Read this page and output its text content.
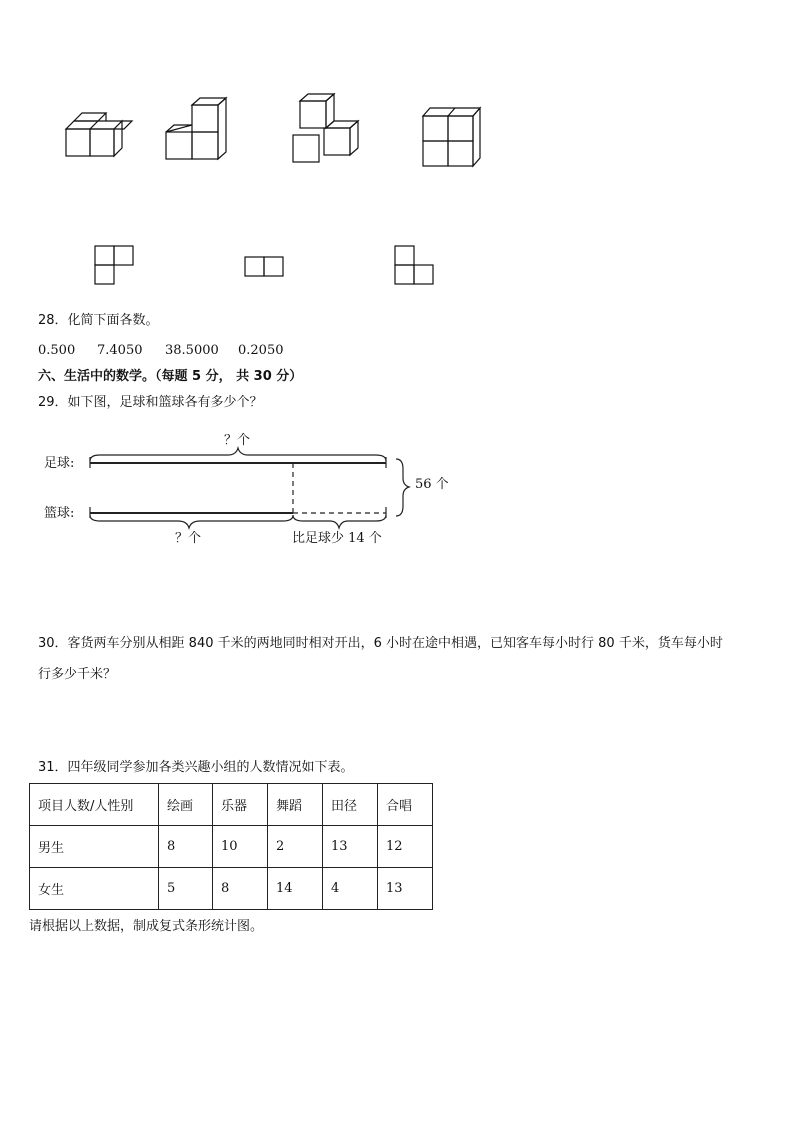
28．化简下面各数。
0.500 7.4050 38.5000 0.2050
六、生活中的数学。（每题 5 分， 共 30 分）
29．如下图，足球和篮球各有多少个？
足球:
篮球:
？个
？个
56 个
比足球少 14 个
30．客货两车分别从相距 840 千米的两地同时相对开出，6 小时在途中相遇，已知客车每小时行 80 千米，货车每小时
行多少千米？
31．四年级同学参加各类兴趣小组的人数情况如下表。
项目人数/人性别	绘画	乐器	舞蹈	田径	合唱
男生	8	10	2	13	12
女生	5	8	14	4	13
请根据以上数据，制成复式条形统计图。
